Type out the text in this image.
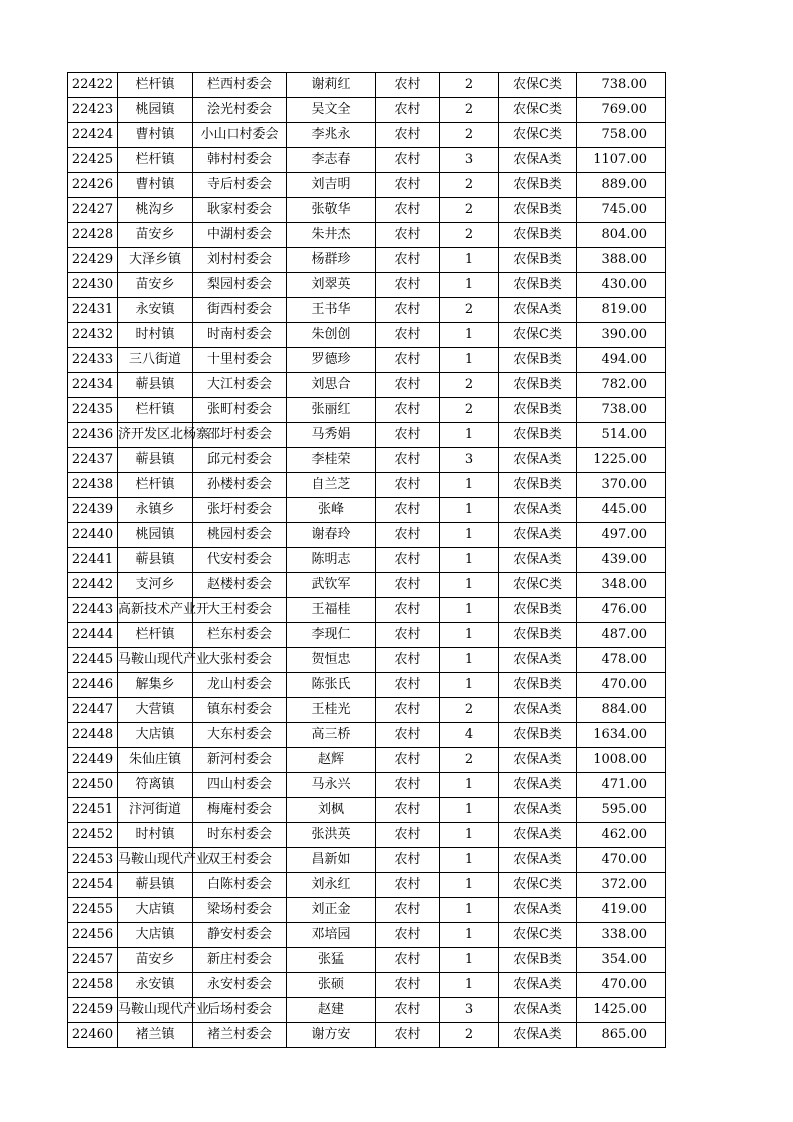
22422	栏杆镇	栏西村委会	谢莉红	农村	2	农保C类	738.00
22423	桃园镇	浍光村委会	吴文全	农村	2	农保C类	769.00
22424	曹村镇	小山口村委会	李兆永	农村	2	农保C类	758.00
22425	栏杆镇	韩村村委会	李志春	农村	3	农保A类	1107.00
22426	曹村镇	寺后村委会	刘吉明	农村	2	农保B类	889.00
22427	桃沟乡	耿家村委会	张敬华	农村	2	农保B类	745.00
22428	苗安乡	中湖村委会	朱井杰	农村	2	农保B类	804.00
22429	大泽乡镇	刘村村委会	杨群珍	农村	1	农保B类	388.00
22430	苗安乡	梨园村委会	刘翠英	农村	1	农保B类	430.00
22431	永安镇	街西村委会	王书华	农村	2	农保A类	819.00
22432	时村镇	时南村委会	朱创创	农村	1	农保C类	390.00
22433	三八街道	十里村委会	罗德珍	农村	1	农保B类	494.00
22434	蕲县镇	大江村委会	刘思合	农村	2	农保B类	782.00
22435	栏杆镇	张町村委会	张丽红	农村	2	农保B类	738.00
22436	济开发区北杨寨	邵圩村委会	马秀娟	农村	1	农保B类	514.00
22437	蕲县镇	邱元村委会	李桂荣	农村	3	农保A类	1225.00
22438	栏杆镇	孙楼村委会	自兰芝	农村	1	农保B类	370.00
22439	永镇乡	张圩村委会	张峰	农村	1	农保A类	445.00
22440	桃园镇	桃园村委会	谢春玲	农村	1	农保A类	497.00
22441	蕲县镇	代安村委会	陈明志	农村	1	农保A类	439.00
22442	支河乡	赵楼村委会	武钦军	农村	1	农保C类	348.00
22443	高新技术产业开	大王村委会	王福桂	农村	1	农保B类	476.00
22444	栏杆镇	栏东村委会	李现仁	农村	1	农保B类	487.00
22445	马鞍山现代产业	大张村委会	贺恒忠	农村	1	农保A类	478.00
22446	解集乡	龙山村委会	陈张氏	农村	1	农保B类	470.00
22447	大营镇	镇东村委会	王桂光	农村	2	农保A类	884.00
22448	大店镇	大东村委会	高三桥	农村	4	农保B类	1634.00
22449	朱仙庄镇	新河村委会	赵辉	农村	2	农保A类	1008.00
22450	符离镇	四山村委会	马永兴	农村	1	农保A类	471.00
22451	汴河街道	梅庵村委会	刘枫	农村	1	农保A类	595.00
22452	时村镇	时东村委会	张洪英	农村	1	农保A类	462.00
22453	马鞍山现代产业	双王村委会	昌新如	农村	1	农保A类	470.00
22454	蕲县镇	白陈村委会	刘永红	农村	1	农保C类	372.00
22455	大店镇	梁场村委会	刘正金	农村	1	农保A类	419.00
22456	大店镇	静安村委会	邓培园	农村	1	农保C类	338.00
22457	苗安乡	新庄村委会	张猛	农村	1	农保B类	354.00
22458	永安镇	永安村委会	张硕	农村	1	农保A类	470.00
22459	马鞍山现代产业	后场村委会	赵建	农村	3	农保A类	1425.00
22460	褚兰镇	褚兰村委会	谢方安	农村	2	农保A类	865.00
